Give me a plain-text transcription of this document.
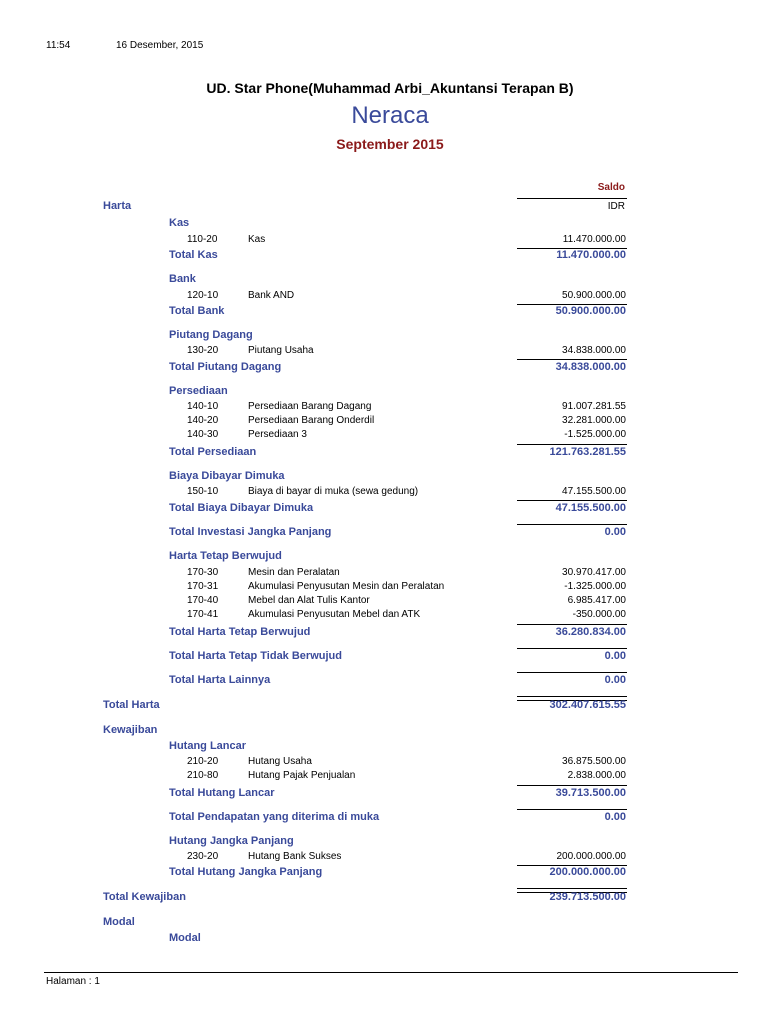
11:54	16 Desember, 2015
UD. Star Phone(Muhammad Arbi_Akuntansi Terapan B)
Neraca
September 2015
Saldo
IDR
Harta
Kas
110-20	Kas	11.470.000.00
Total Kas	11.470.000.00
Bank
120-10	Bank AND	50.900.000.00
Total Bank	50.900.000.00
Piutang Dagang
130-20	Piutang Usaha	34.838.000.00
Total Piutang Dagang	34.838.000.00
Persediaan
140-10	Persediaan Barang Dagang	91.007.281.55
140-20	Persediaan Barang Onderdil	32.281.000.00
140-30	Persediaan 3	-1.525.000.00
Total Persediaan	121.763.281.55
Biaya Dibayar Dimuka
150-10	Biaya di bayar di muka (sewa gedung)	47.155.500.00
Total Biaya Dibayar Dimuka	47.155.500.00
Total Investasi Jangka Panjang	0.00
Harta Tetap Berwujud
170-30	Mesin dan Peralatan	30.970.417.00
170-31	Akumulasi Penyusutan Mesin dan Peralatan	-1.325.000.00
170-40	Mebel dan Alat Tulis Kantor	6.985.417.00
170-41	Akumulasi Penyusutan Mebel dan ATK	-350.000.00
Total Harta Tetap Berwujud	36.280.834.00
Total Harta Tetap Tidak Berwujud	0.00
Total Harta Lainnya	0.00
Total Harta	302.407.615.55
Kewajiban
Hutang Lancar
210-20	Hutang Usaha	36.875.500.00
210-80	Hutang Pajak Penjualan	2.838.000.00
Total Hutang Lancar	39.713.500.00
Total Pendapatan yang diterima di muka	0.00
Hutang Jangka Panjang
230-20	Hutang Bank Sukses	200.000.000.00
Total Hutang Jangka Panjang	200.000.000.00
Total Kewajiban	239.713.500.00
Modal
Modal
Halaman : 1
